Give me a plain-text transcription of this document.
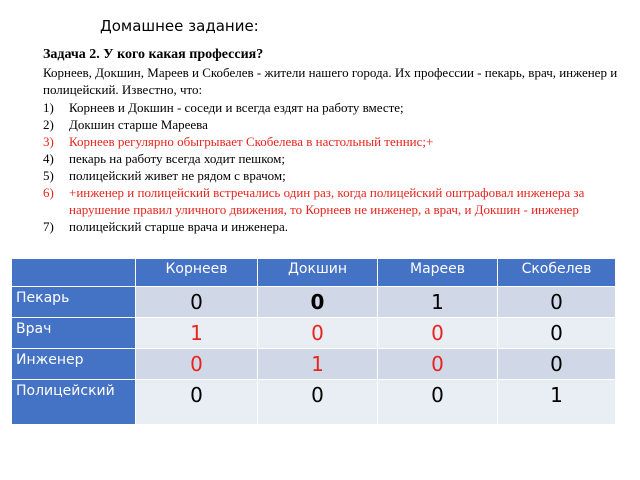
Домашнее задание:
Задача 2. У кого какая профессия?
Корнеев, Докшин, Мареев и Скобелев - жители нашего города. Их профессии - пекарь, врач, инженер и полицейский. Известно, что:
1) Корнеев и Докшин - соседи и всегда ездят на работу вместе;
2) Докшин старше Мареева
3) Корнеев регулярно обыгрывает Скобелева в настольный теннис;+
4) пекарь на работу всегда ходит пешком;
5) полицейский живет не рядом с врачом;
6) +инженер и полицейский встречались один раз, когда полицейский оштрафовал инженера за нарушение правил уличного движения, то Корнеев не инженер, а врач, и Докшин - инженер
7) полицейский старше врача и инженера.

	Корнеев	Докшин	Мареев	Скобелев

Пекарь	0	0	1	0

Врач	1	0	0	0

Инженер	0	1	0	0

Полицейский	0	0	0	1
